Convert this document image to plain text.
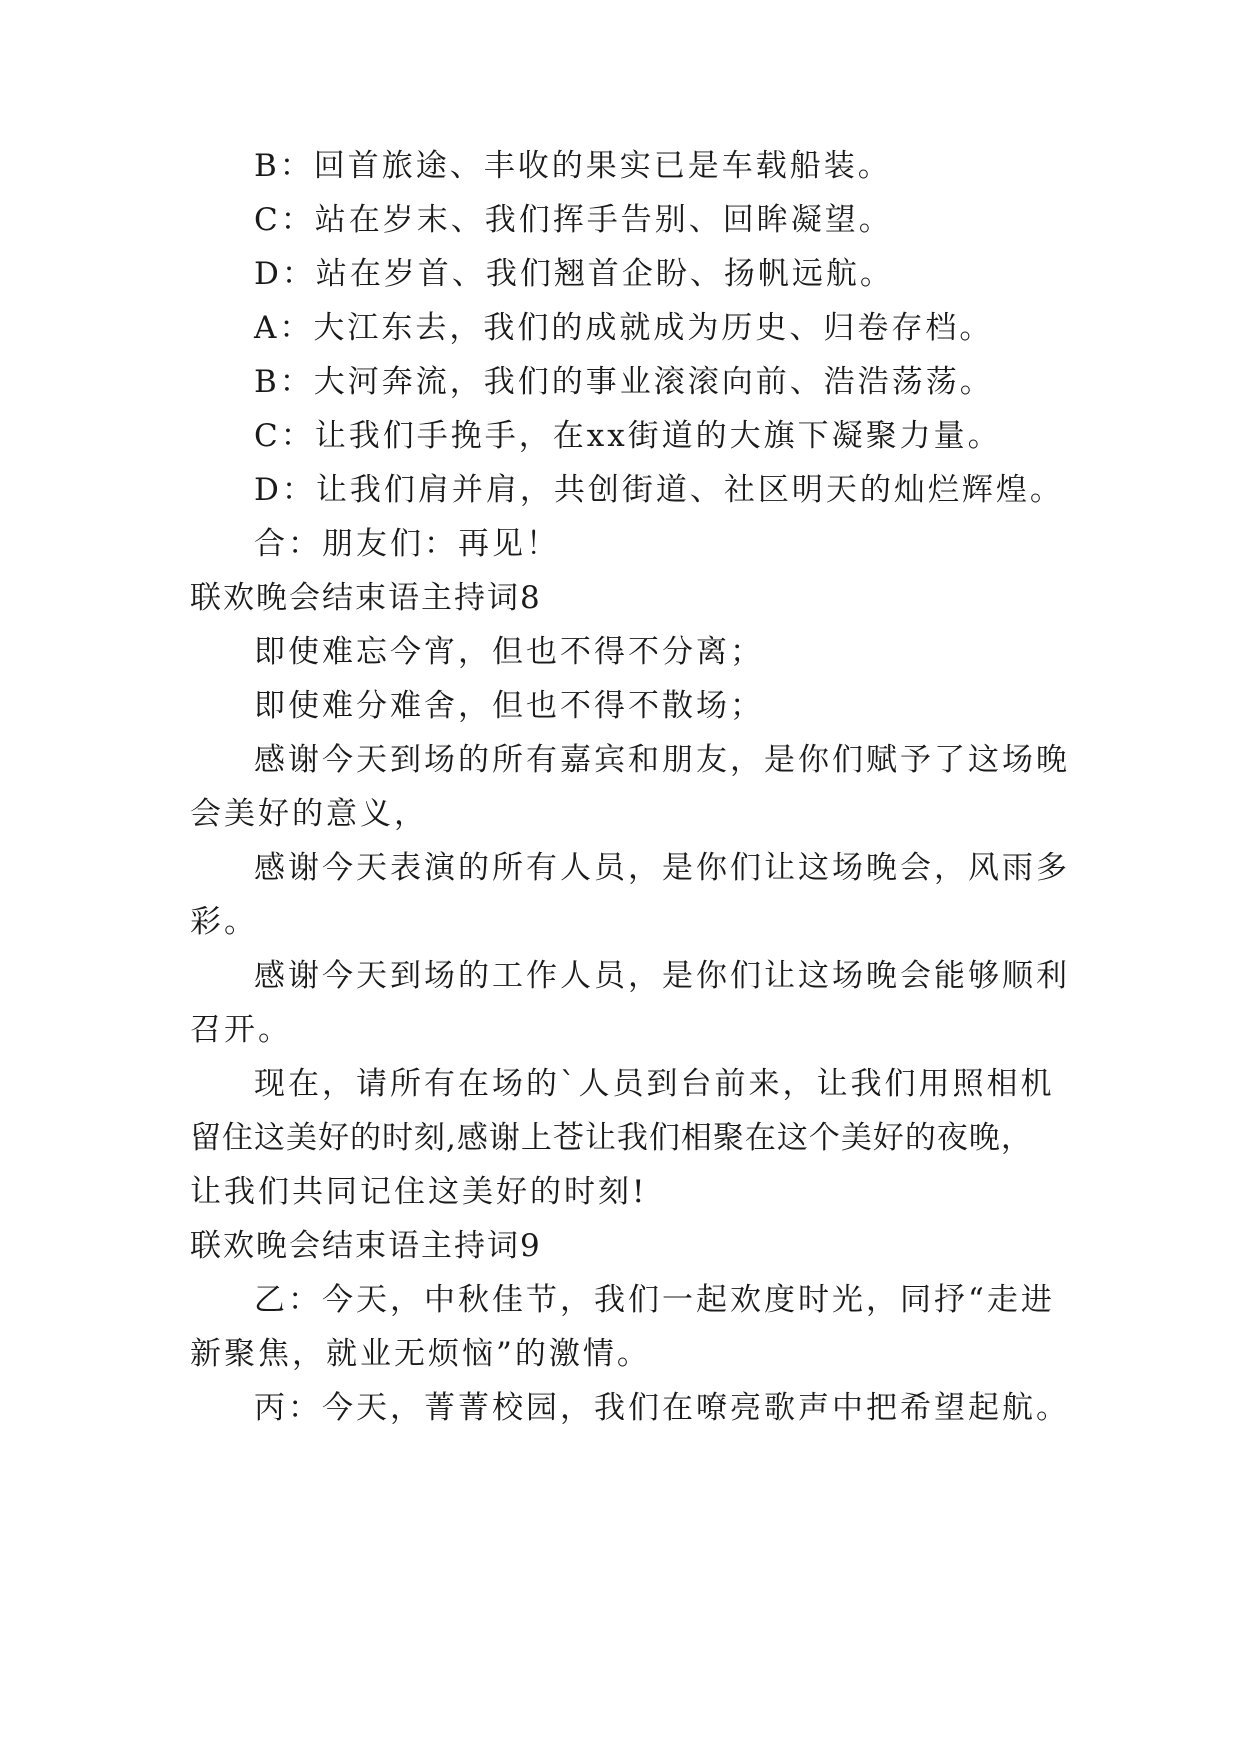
B：回首旅途、丰收的果实已是车载船装。
C：站在岁末、我们挥手告别、回眸凝望。
D：站在岁首、我们翘首企盼、扬帆远航。
A：大江东去，我们的成就成为历史、归卷存档。
B：大河奔流，我们的事业滚滚向前、浩浩荡荡。
C：让我们手挽手，在xx街道的大旗下凝聚力量。
D：让我们肩并肩，共创街道、社区明天的灿烂辉煌。
合：朋友们：再见！
联欢晚会结束语主持词8
即使难忘今宵，但也不得不分离；
即使难分难舍，但也不得不散场；
感谢今天到场的所有嘉宾和朋友，是你们赋予了这场晚
会美好的意义，
感谢今天表演的所有人员，是你们让这场晚会，风雨多
彩。
感谢今天到场的工作人员，是你们让这场晚会能够顺利
召开。
现在，请所有在场的`人员到台前来，让我们用照相机
留住这美好的时刻,感谢上苍让我们相聚在这个美好的夜晚，
让我们共同记住这美好的时刻!
联欢晚会结束语主持词9
乙：今天，中秋佳节，我们一起欢度时光，同抒“走进
新聚焦，就业无烦恼”的激情。
丙：今天，菁菁校园，我们在嘹亮歌声中把希望起航。
